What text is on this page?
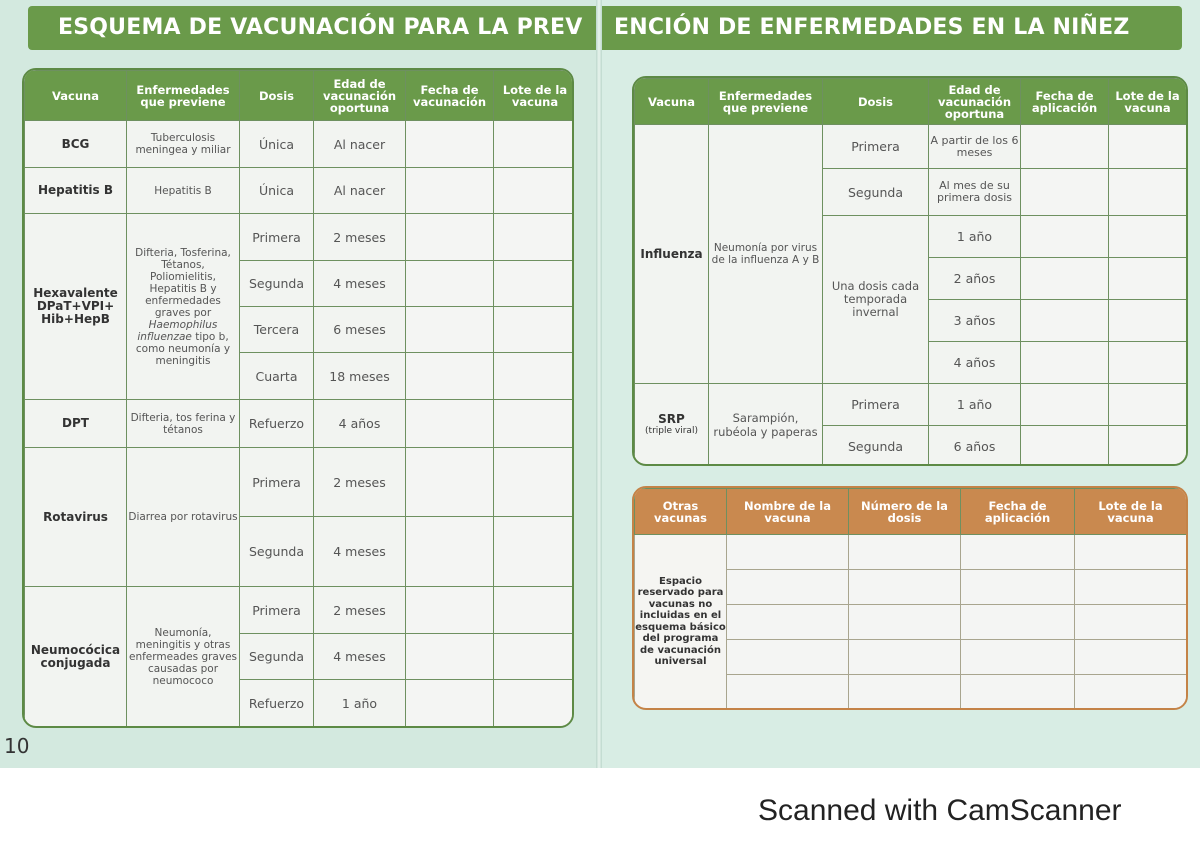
ESQUEMA DE VACUNACIÓN PARA LA PREV	ENCIÓN DE ENFERMEDADES EN LA NIÑEZ
Vacuna	Enfermedades que previene	Dosis	Edad de vacunación oportuna	Fecha de vacunación	Lote de la vacuna
BCG	Tuberculosis meningea y miliar	Única	Al nacer		
Hepatitis B	Hepatitis B	Única	Al nacer		
Hexavalente DPaT+VPI+ Hib+HepB	Difteria, Tosferina, Tétanos, Poliomielitis, Hepatitis B y enfermedades graves por Haemophilus influenzae tipo b, como neumonía y meningitis	Primera	2 meses		
		Segunda	4 meses		
		Tercera	6 meses		
		Cuarta	18 meses		
DPT	Difteria, tos ferina y tétanos	Refuerzo	4 años		
Rotavirus	Diarrea por rotavirus	Primera	2 meses		
		Segunda	4 meses		
Neumocócica conjugada	Neumonía, meningitis y otras enfermeades graves causadas por neumococo	Primera	2 meses		
		Segunda	4 meses		
		Refuerzo	1 año		
Vacuna	Enfermedades que previene	Dosis	Edad de vacunación oportuna	Fecha de aplicación	Lote de la vacuna
Influenza	Neumonía por virus de la influenza A y B	Primera	A partir de los 6 meses		
		Segunda	Al mes de su primera dosis		
		Una dosis cada temporada invernal	1 año		
			2 años		
			3 años		
			4 años		
SRP
(triple viral)	Sarampión, rubéola y paperas	Primera	1 año		
		Segunda	6 años		
Otras vacunas	Nombre de la vacuna	Número de la dosis	Fecha de aplicación	Lote de la vacuna
Espacio reservado para vacunas no incluidas en el esquema básico del programa de vacunación universal				

10
Scanned with CamScanner
